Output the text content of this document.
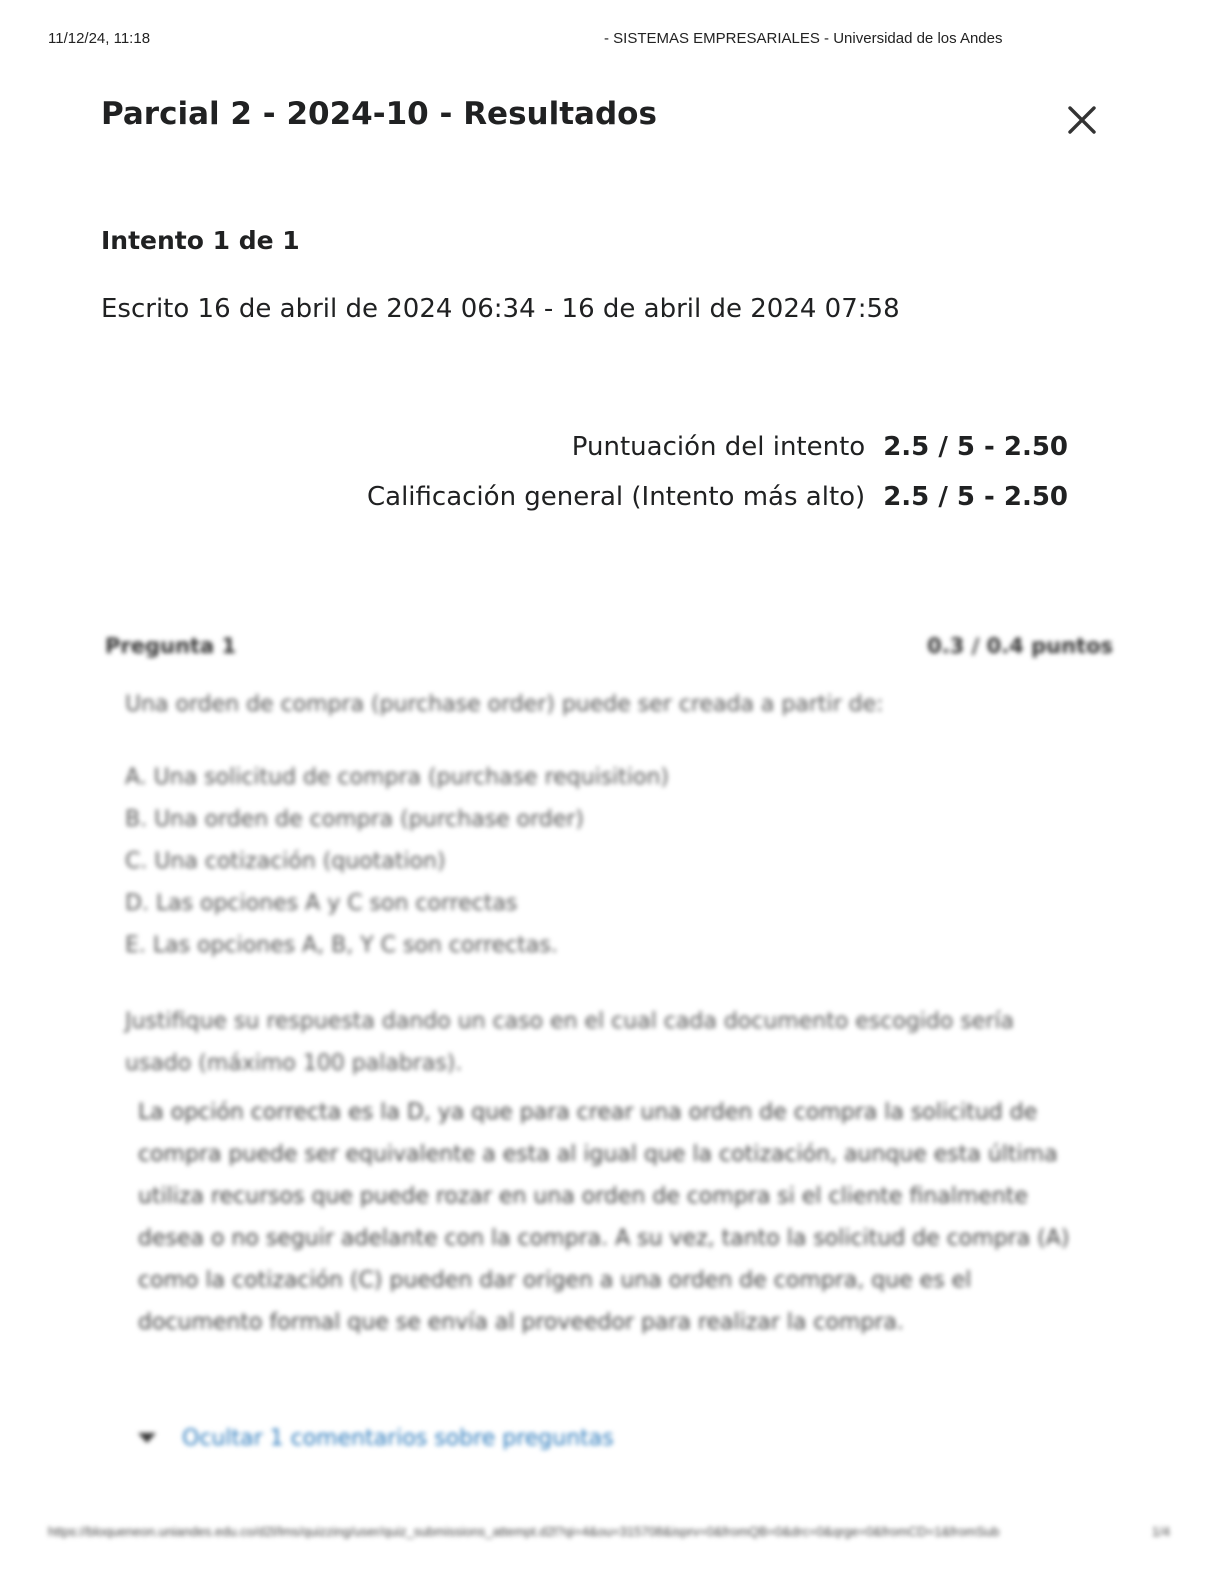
11/12/24, 11:18	- SISTEMAS EMPRESARIALES - Universidad de los Andes
Parcial 2 - 2024-10 - Resultados
Intento 1 de 1
Escrito 16 de abril de 2024 06:34 - 16 de abril de 2024 07:58
Puntuación del intento 2.5 / 5 - 2.50
Calificación general (Intento más alto) 2.5 / 5 - 2.50
Pregunta 1	0.3 / 0.4 puntos

Una orden de compra (purchase order) puede ser creada a partir de:

A. Una solicitud de compra (purchase requisition)
B. Una orden de compra (purchase order)
C. Una cotización (quotation)
D. Las opciones A y C son correctas
E. Las opciones A, B, Y C son correctas.

Justifique su respuesta dando un caso en el cual cada documento escogido sería usado (máximo 100 palabras).

La opción correcta es la D, ya que para crear una orden de compra la solicitud de compra puede ser equivalente a esta al igual que la cotización, aunque esta última utiliza recursos que puede rozar en una orden de compra si el cliente finalmente desea o no seguir adelante con la compra. A su vez, tanto la solicitud de compra (A) como la cotización (C) pueden dar origen a una orden de compra, que es el documento formal que se envía al proveedor para realizar la compra.

Ocultar 1 comentarios sobre preguntas
https://bloqueneon.uniandes.edu.co/d2l/lms/quizzing/user/quiz_submissions_attempt.d2l?qi=4&ou=315708&isprv=0&fromQB=0&drc=0&qrge=0&fromCD=1&fromSub	1/4
